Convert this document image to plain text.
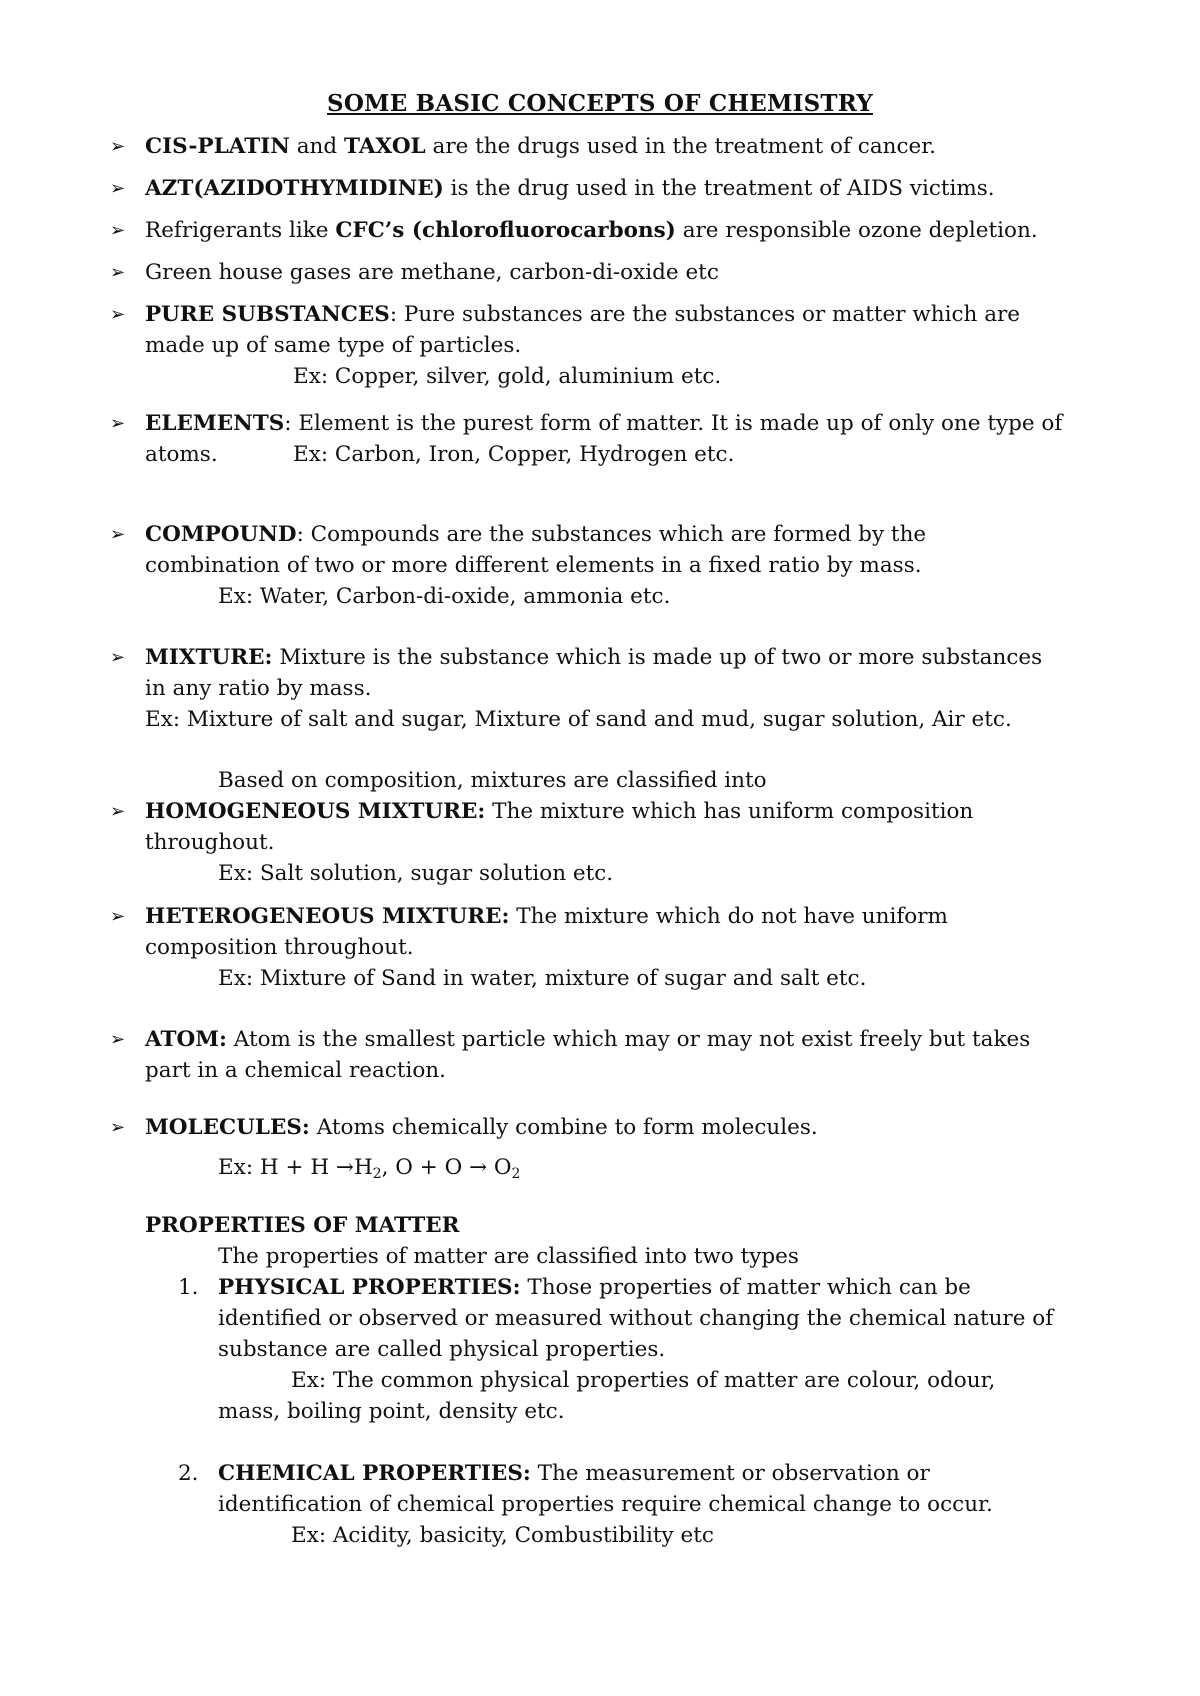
SOME BASIC CONCEPTS OF CHEMISTRY
➢ CIS-PLATIN and TAXOL are the drugs used in the treatment of cancer.
➢ AZT(AZIDOTHYMIDINE) is the drug used in the treatment of AIDS victims.
➢ Refrigerants like CFC’s (chlorofluorocarbons) are responsible ozone depletion.
➢ Green house gases are methane, carbon-di-oxide etc
➢ PURE SUBSTANCES: Pure substances are the substances or matter which are
made up of same type of particles.
Ex: Copper, silver, gold, aluminium etc.
➢ ELEMENTS: Element is the purest form of matter. It is made up of only one type of
atoms.	Ex: Carbon, Iron, Copper, Hydrogen etc.
➢ COMPOUND: Compounds are the substances which are formed by the
combination of two or more different elements in a fixed ratio by mass.
Ex: Water, Carbon-di-oxide, ammonia etc.
➢ MIXTURE: Mixture is the substance which is made up of two or more substances
in any ratio by mass.
Ex: Mixture of salt and sugar, Mixture of sand and mud, sugar solution, Air etc.
Based on composition, mixtures are classified into
➢ HOMOGENEOUS MIXTURE: The mixture which has uniform composition
throughout.
Ex: Salt solution, sugar solution etc.
➢ HETEROGENEOUS MIXTURE: The mixture which do not have uniform
composition throughout.
Ex: Mixture of Sand in water, mixture of sugar and salt etc.
➢ ATOM: Atom is the smallest particle which may or may not exist freely but takes
part in a chemical reaction.
➢ MOLECULES: Atoms chemically combine to form molecules.
Ex: $H + H \to H_2$, $O + O \to O_2$
PROPERTIES OF MATTER
The properties of matter are classified into two types
1. PHYSICAL PROPERTIES: Those properties of matter which can be
identified or observed or measured without changing the chemical nature of
substance are called physical properties.
Ex: The common physical properties of matter are colour, odour,
mass, boiling point, density etc.
2. CHEMICAL PROPERTIES: The measurement or observation or
identification of chemical properties require chemical change to occur.
Ex: Acidity, basicity, Combustibility etc
